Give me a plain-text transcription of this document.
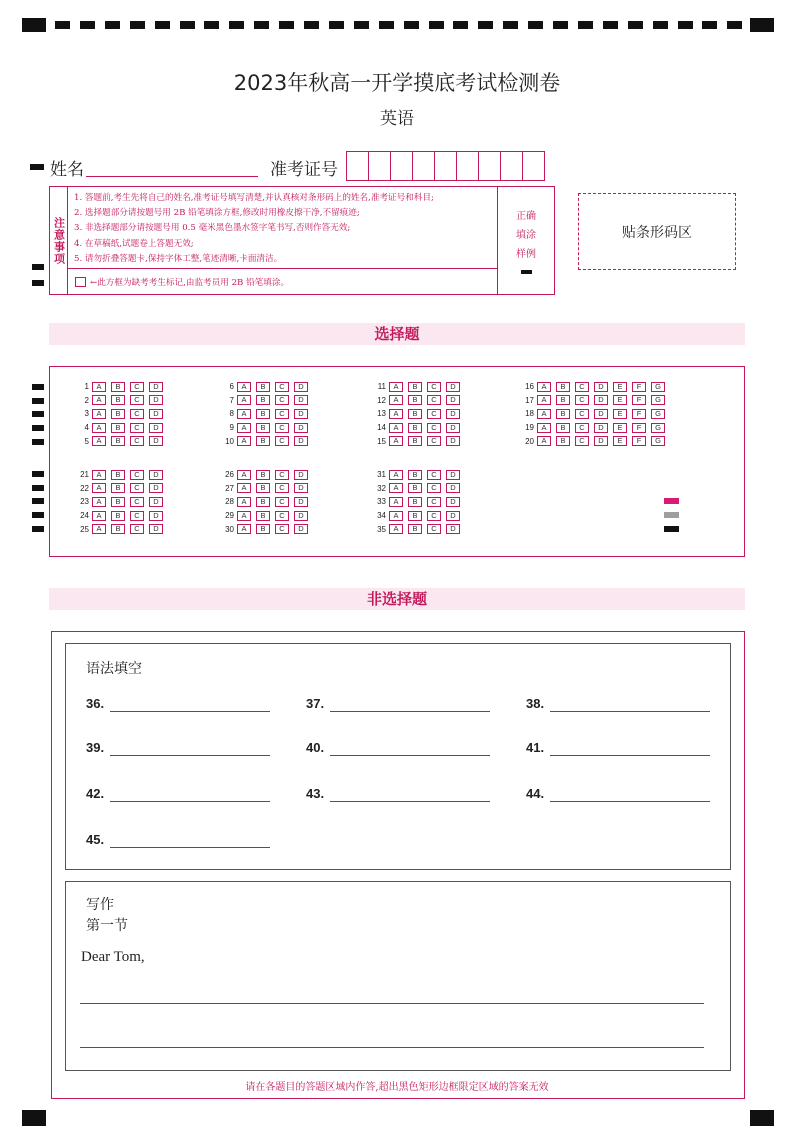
2023年秋高一开学摸底考试检测卷
英语
姓名	准考证号
注意事项
1. 答题前,考生先将自己的姓名,准考证号填写清楚,并认真核对条形码上的姓名,准考证号和科目;
2. 选择题部分请按题号用 2B 铅笔填涂方框,修改时用橡皮擦干净,不留痕迹;
3. 非选择题部分请按题号用 0.5 毫米黑色墨水签字笔书写,否则作答无效;
4. 在草稿纸,试题卷上答题无效;
5. 请勿折叠答题卡,保持字体工整,笔迹清晰,卡面清洁。
←此方框为缺考考生标记,由监考员用 2B 铅笔填涂。
正确
填涂
样例
贴条形码区
选择题
1 A	B	C	D
2 A	B	C	D
3 A	B	C	D
4 A	B	C	D
5 A	B	C	D
6 A	B	C	D
7 A	B	C	D
8 A	B	C	D
9 A	B	C	D
10 A	B	C	D
11 A	B	C	D
12 A	B	C	D
13 A	B	C	D
14 A	B	C	D
15 A	B	C	D
16 A	B	C	D	E	F	G
17 A	B	C	D	E	F	G
18 A	B	C	D	E	F	G
19 A	B	C	D	E	F	G
20 A	B	C	D	E	F	G
21 A	B	C	D
22 A	B	C	D
23 A	B	C	D
24 A	B	C	D
25 A	B	C	D
26 A	B	C	D
27 A	B	C	D
28 A	B	C	D
29 A	B	C	D
30 A	B	C	D
31 A	B	C	D
32 A	B	C	D
33 A	B	C	D
34 A	B	C	D
35 A	B	C	D
非选择题
语法填空
36.	37.	38.
39.	40.	41.
42.	43.	44.
45.
写作
第一节
Dear Tom,
请在各题目的答题区域内作答,超出黑色矩形边框限定区域的答案无效
